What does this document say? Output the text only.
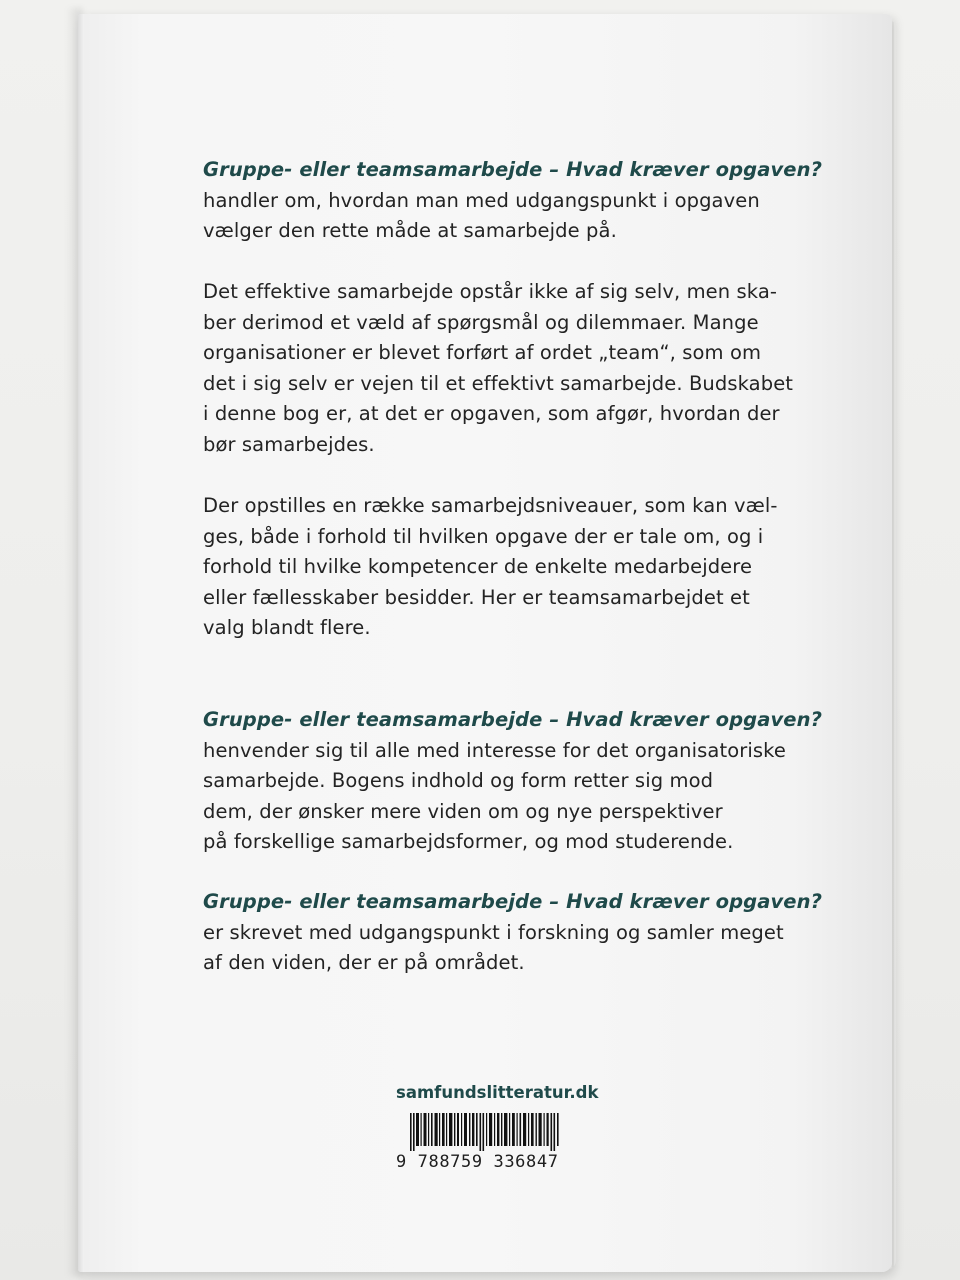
Gruppe- eller teamsamarbejde – Hvad kræver opgaven?
handler om, hvordan man med udgangspunkt i opgaven
vælger den rette måde at samarbejde på.
Det effektive samarbejde opstår ikke af sig selv, men ska-
ber derimod et væld af spørgsmål og dilemmaer. Mange
organisationer er blevet forført af ordet „team“, som om
det i sig selv er vejen til et effektivt samarbejde. Budskabet
i denne bog er, at det er opgaven, som afgør, hvordan der
bør samarbejdes.
Der opstilles en række samarbejdsniveauer, som kan væl-
ges, både i forhold til hvilken opgave der er tale om, og i
forhold til hvilke kompetencer de enkelte medarbejdere
eller fællesskaber besidder. Her er teamsamarbejdet et
valg blandt flere.
Gruppe- eller teamsamarbejde – Hvad kræver opgaven?
henvender sig til alle med interesse for det organisatoriske
samarbejde. Bogens indhold og form retter sig mod
dem, der ønsker mere viden om og nye perspektiver
på forskellige samarbejdsformer, og mod studerende.
Gruppe- eller teamsamarbejde – Hvad kræver opgaven?
er skrevet med udgangspunkt i forskning og samler meget
af den viden, der er på området.
samfundslitteratur.dk
9 788759 336847
